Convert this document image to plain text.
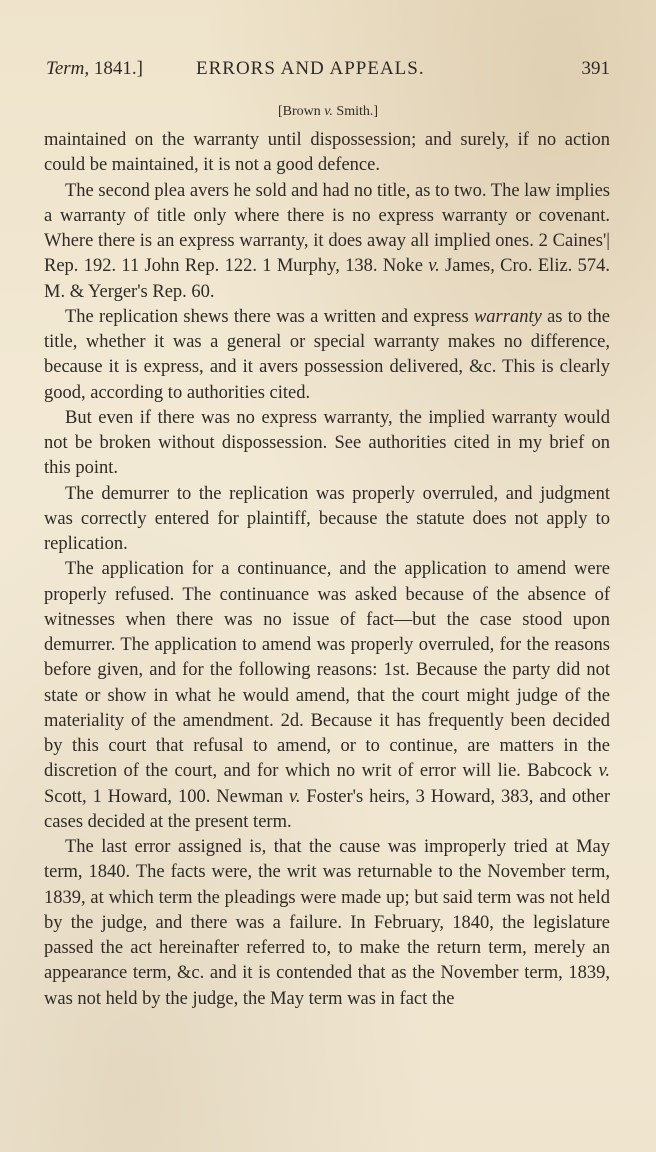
Term, 1841.]	ERRORS AND APPEALS.	391
[Brown v. Smith.]

maintained on the warranty until dispossession; and surely, if no action could be maintained, it is not a good defence.

The second plea avers he sold and had no title, as to two. The law implies a warranty of title only where there is no express warranty or covenant. Where there is an express warranty, it does away all implied ones. 2 Caines'| Rep. 192. 11 John Rep. 122. 1 Murphy, 138. Noke v. James, Cro. Eliz. 574. M. & Yerger's Rep. 60.

The replication shews there was a written and express warranty as to the title, whether it was a general or special warranty makes no difference, because it is express, and it avers possession delivered, &c. This is clearly good, according to authorities cited.

But even if there was no express warranty, the implied warranty would not be broken without dispossession. See authorities cited in my brief on this point.

The demurrer to the replication was properly overruled, and judgment was correctly entered for plaintiff, because the statute does not apply to replication.

The application for a continuance, and the application to amend were properly refused. The continuance was asked because of the absence of witnesses when there was no issue of fact—but the case stood upon demurrer. The application to amend was properly overruled, for the reasons before given, and for the following reasons: 1st. Because the party did not state or show in what he would amend, that the court might judge of the materiality of the amendment. 2d. Because it has frequently been decided by this court that refusal to amend, or to continue, are matters in the discretion of the court, and for which no writ of error will lie. Babcock v. Scott, 1 Howard, 100. Newman v. Foster's heirs, 3 Howard, 383, and other cases decided at the present term.

The last error assigned is, that the cause was improperly tried at May term, 1840. The facts were, the writ was returnable to the November term, 1839, at which term the pleadings were made up; but said term was not held by the judge, and there was a failure. In February, 1840, the legislature passed the act hereinafter referred to, to make the return term, merely an appearance term, &c. and it is contended that as the November term, 1839, was not held by the judge, the May term was in fact the
